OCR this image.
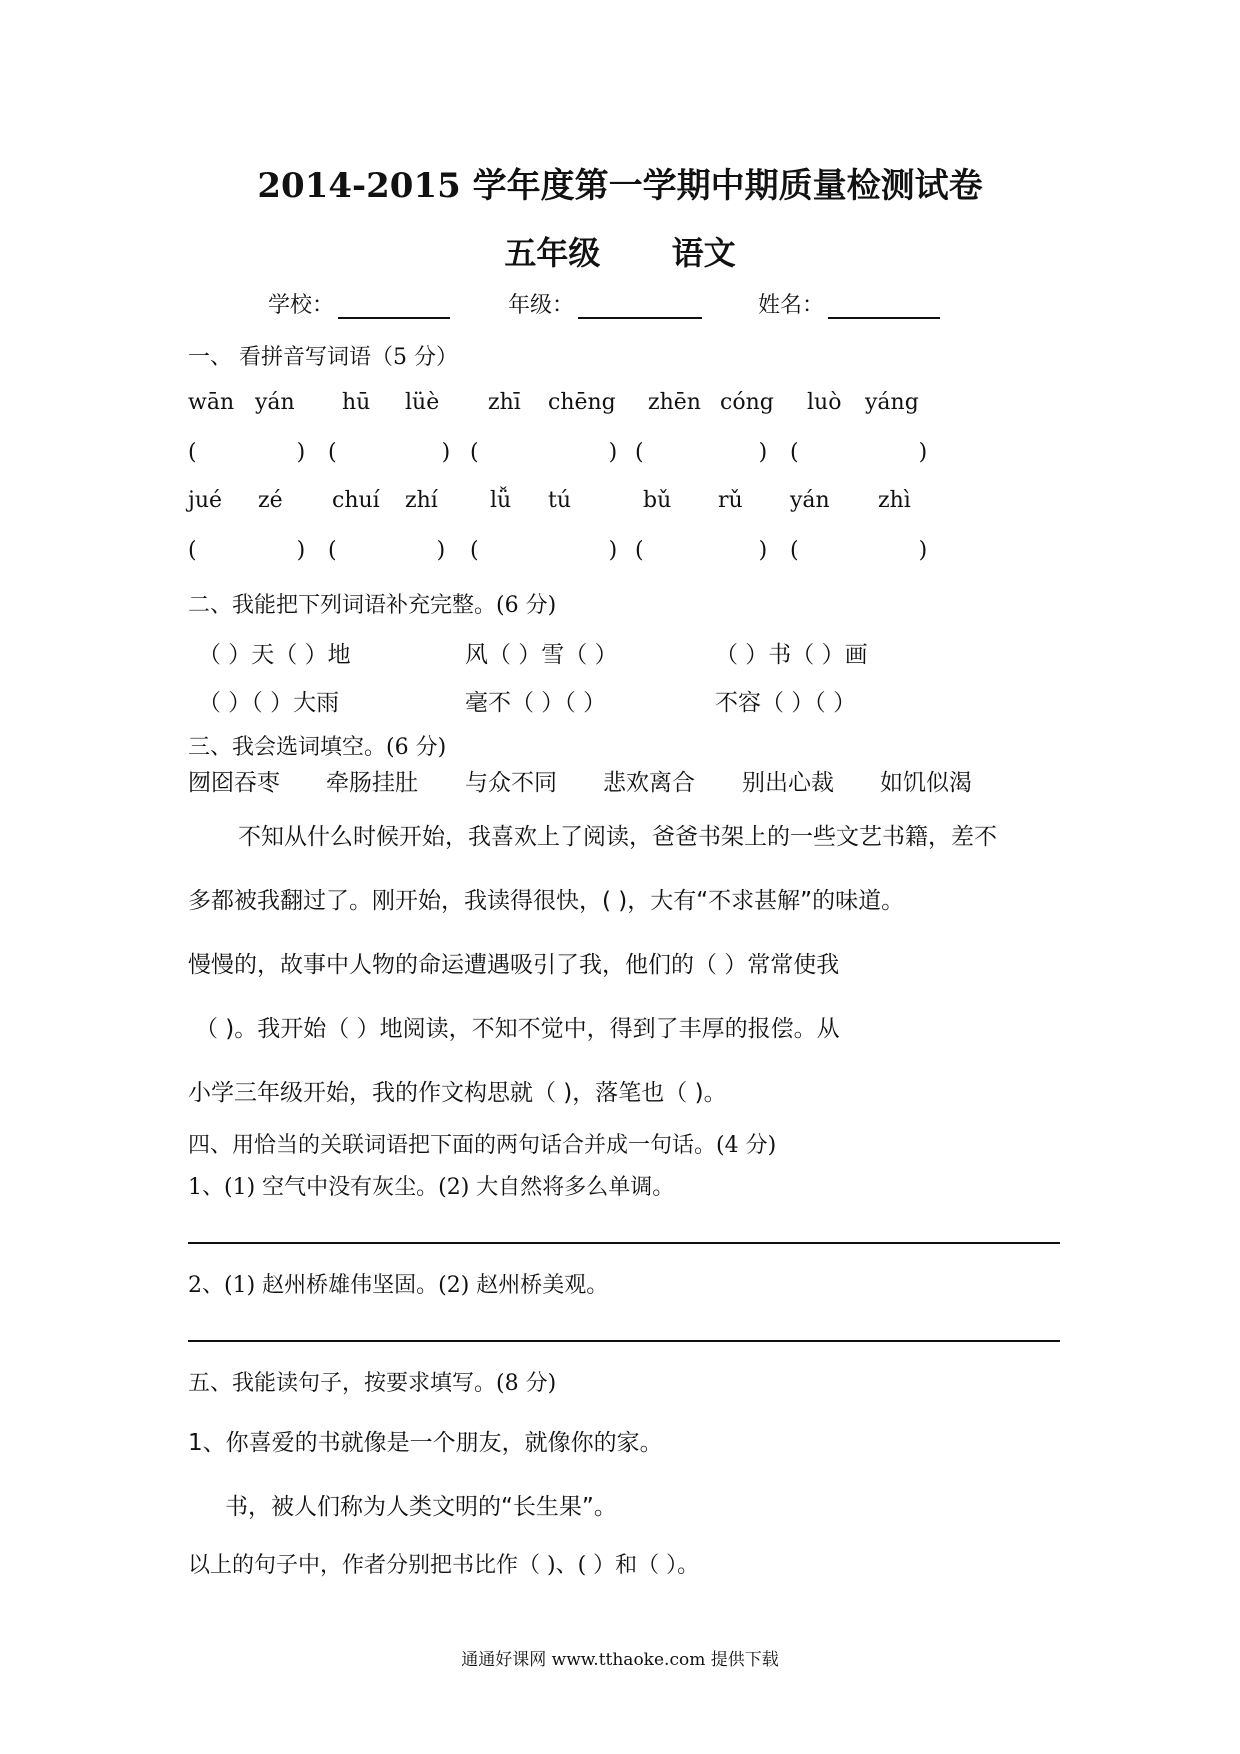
2014-2015 学年度第一学期中期质量检测试卷
五年级 语文
学校：	年级：	姓名：
一、 看拼音写词语（5 分）
wān yán hū lüè zhī chēng zhēn cóng luò yáng
(	) (	) (	) (	) (	)
jué zé chuí zhí lǚ tú	bǔ rǔ yán zhì
(	) (	) (	) (	) (	)
二、我能把下列词语补充完整。(6 分)
（ ）天（ ）地	风（ ）雪（ ）	（ ）书（ ）画
（ ）（ ）大雨	毫不（ ）（ ）	不容（ ）（ ）
三、我会选词填空。(6 分)
囫囵吞枣 牵肠挂肚 与众不同 悲欢离合 别出心裁 如饥似渴
不知从什么时候开始，我喜欢上了阅读，爸爸书架上的一些文艺书籍，差不
多都被我翻过了。刚开始，我读得很快，( )，大有“不求甚解”的味道。
慢慢的，故事中人物的命运遭遇吸引了我，他们的（ ）常常使我
（ )。我开始（ ）地阅读，不知不觉中，得到了丰厚的报偿。从
小学三年级开始，我的作文构思就（ )，落笔也（ )。
四、用恰当的关联词语把下面的两句话合并成一句话。(4 分)
1、(1) 空气中没有灰尘。(2) 大自然将多么单调。
2、(1) 赵州桥雄伟坚固。(2) 赵州桥美观。
五、我能读句子，按要求填写。(8 分)
1、你喜爱的书就像是一个朋友，就像你的家。
书，被人们称为人类文明的“长生果”。
以上的句子中，作者分别把书比作（ )、( ）和（ ）。
通通好课网 www.tthaoke.com 提供下载
